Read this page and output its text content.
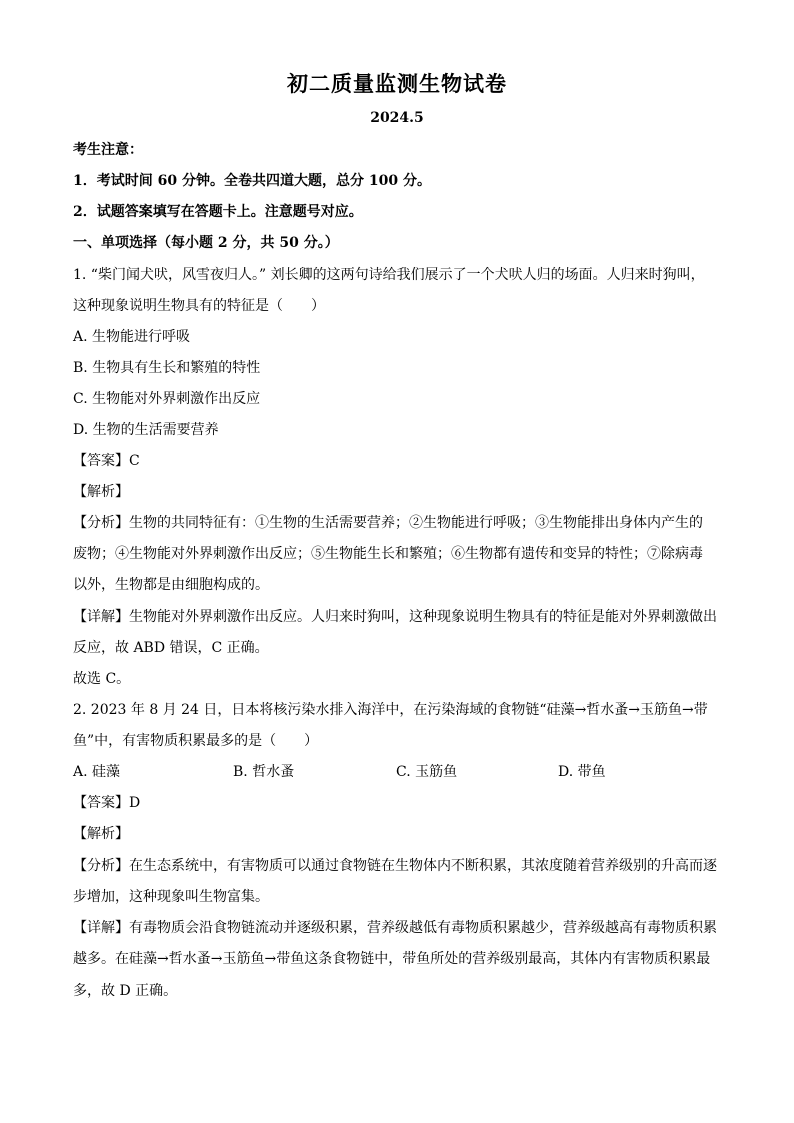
初二质量监测生物试卷
2024.5
考生注意：
1．考试时间 60 分钟。全卷共四道大题，总分 100 分。
2．试题答案填写在答题卡上。注意题号对应。
一、单项选择（每小题 2 分，共 50 分。）
1. “柴门闻犬吠，风雪夜归人。” 刘长卿的这两句诗给我们展示了一个犬吠人归的场面。人归来时狗叫，
这种现象说明生物具有的特征是（　　）
A. 生物能进行呼吸
B. 生物具有生长和繁殖的特性
C. 生物能对外界刺激作出反应
D. 生物的生活需要营养
【答案】C
【解析】
【分析】生物的共同特征有：①生物的生活需要营养；②生物能进行呼吸；③生物能排出身体内产生的
废物；④生物能对外界刺激作出反应；⑤生物能生长和繁殖；⑥生物都有遗传和变异的特性；⑦除病毒
以外，生物都是由细胞构成的。
【详解】生物能对外界刺激作出反应。人归来时狗叫，这种现象说明生物具有的特征是能对外界刺激做出
反应，故 ABD 错误，C 正确。
故选 C。
2. 2023 年 8 月 24 日，日本将核污染水排入海洋中，在污染海域的食物链“硅藻→哲水蚤→玉筋鱼→带
鱼”中，有害物质积累最多的是（　　）
A. 硅藻	B. 哲水蚤	C. 玉筋鱼	D. 带鱼
【答案】D
【解析】
【分析】在生态系统中，有害物质可以通过食物链在生物体内不断积累，其浓度随着营养级别的升高而逐
步增加，这种现象叫生物富集。
【详解】有毒物质会沿食物链流动并逐级积累，营养级越低有毒物质积累越少，营养级越高有毒物质积累
越多。在硅藻→哲水蚤→玉筋鱼→带鱼这条食物链中，带鱼所处的营养级别最高，其体内有害物质积累最
多，故 D 正确。
